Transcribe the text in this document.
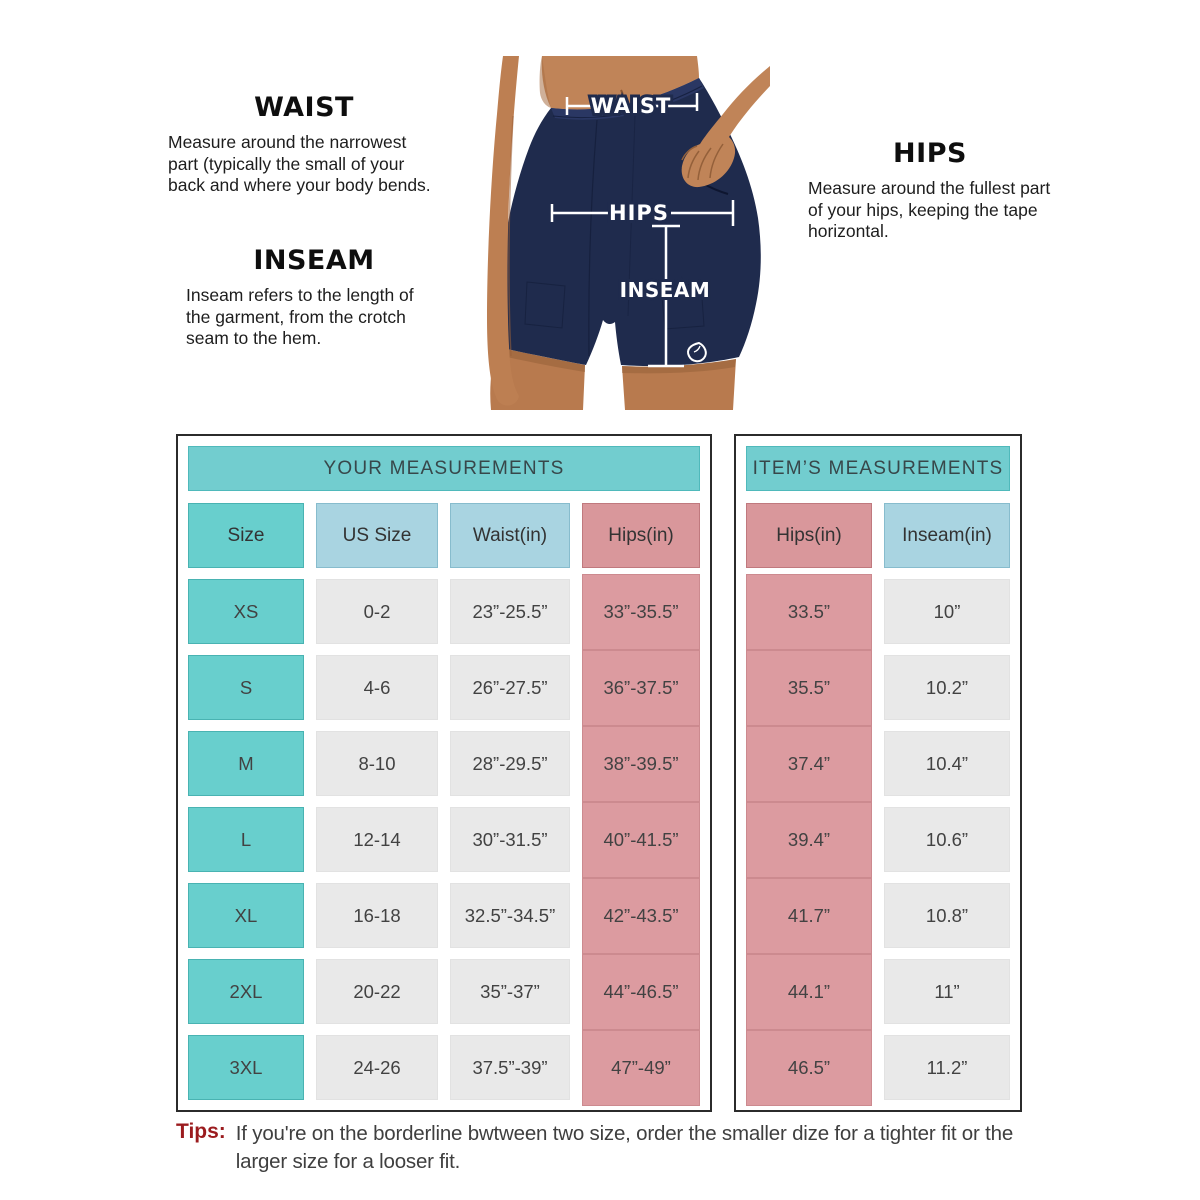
WAIST
Measure around the narrowest part (typically the small of your back and where your body bends.
INSEAM
Inseam refers to the length of the garment, from the crotch seam to the hem.
HIPS
Measure around the fullest part of your hips, keeping the tape horizontal.
WAIST
HIPS
INSEAM
YOUR MEASUREMENTS
Size	US Size	Waist(in)	Hips(in)
XS	0-2	23”-25.5”	33”-35.5”
S	4-6	26”-27.5”	36”-37.5”
M	8-10	28”-29.5”	38”-39.5”
L	12-14	30”-31.5”	40”-41.5”
XL	16-18	32.5”-34.5”	42”-43.5”
2XL	20-22	35”-37”	44”-46.5”
3XL	24-26	37.5”-39”	47”-49”
ITEM’S MEASUREMENTS
Hips(in)	Inseam(in)
33.5”	10”
35.5”	10.2”
37.4”	10.4”
39.4”	10.6”
41.7”	10.8”
44.1”	11”
46.5”	11.2”
Tips: If you're on the borderline bwtween two size, order the smaller dize for a tighter fit or the
larger size for a looser fit.
